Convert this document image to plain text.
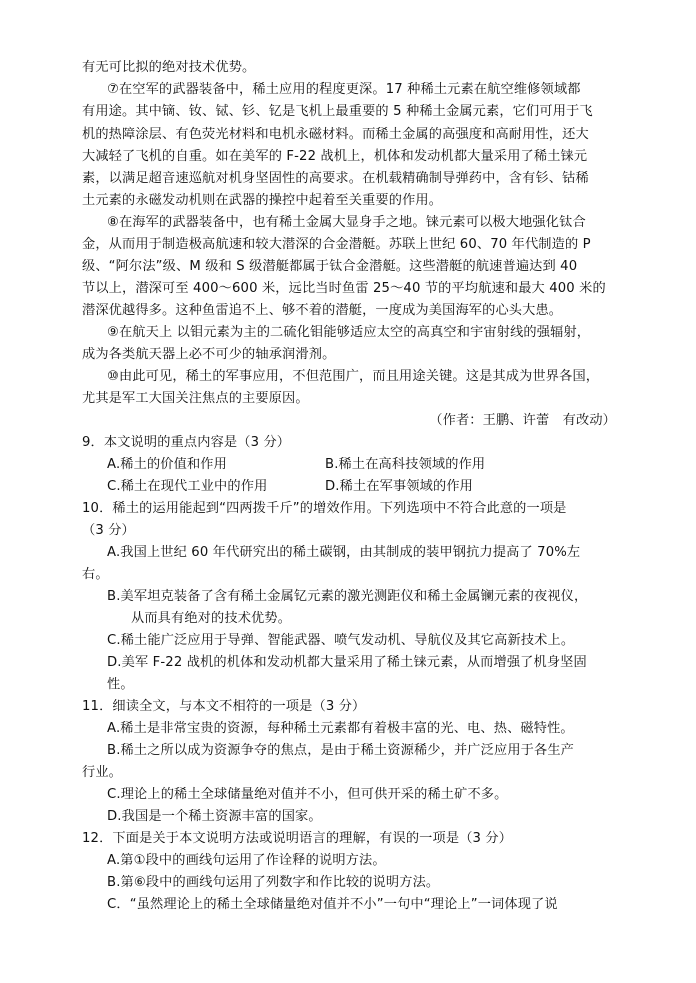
有无可比拟的绝对技术优势。
⑦在空军的武器装备中，稀土应用的程度更深。17 种稀土元素在航空维修领域都
有用途。其中镝、钕、铽、钐、钇是飞机上最重要的 5 种稀土金属元素，它们可用于飞
机的热障涂层、有色荧光材料和电机永磁材料。而稀土金属的高强度和高耐用性，还大
大减轻了飞机的自重。如在美军的 F-22 战机上，机体和发动机都大量采用了稀土铼元
素，以满足超音速巡航对机身坚固性的高要求。在机载精确制导弹药中，含有钐、钴稀
土元素的永磁发动机则在武器的操控中起着至关重要的作用。
⑧在海军的武器装备中，也有稀土金属大显身手之地。铼元素可以极大地强化钛合
金，从而用于制造极高航速和较大潜深的合金潜艇。苏联上世纪 60、70 年代制造的 P
级、“阿尔法”级、M 级和 S 级潜艇都属于钛合金潜艇。这些潜艇的航速普遍达到 40
节以上，潜深可至 400～600 米，远比当时鱼雷 25～40 节的平均航速和最大 400 米的
潜深优越得多。这种鱼雷追不上、够不着的潜艇，一度成为美国海军的心头大患。
⑨在航天上 以钼元素为主的二硫化钼能够适应太空的高真空和宇宙射线的强辐射，
成为各类航天器上必不可少的轴承润滑剂。
⑩由此可见，稀土的军事应用，不但范围广，而且用途关键。这是其成为世界各国，
尤其是军工大国关注焦点的主要原因。
（作者：王鹏、许蕾　有改动）
9．本文说明的重点内容是（3 分）
A.稀土的价值和作用	B.稀土在高科技领域的作用
C.稀土在现代工业中的作用	D.稀土在军事领域的作用
10．稀土的运用能起到“四两拨千斤”的增效作用。下列选项中不符合此意的一项是
（3 分）
A.我国上世纪 60 年代研究出的稀土碳钢，由其制成的装甲钢抗力提高了 70%左
右。
B.美军坦克装备了含有稀土金属钇元素的激光测距仪和稀土金属镧元素的夜视仪，
从而具有绝对的技术优势。
C.稀土能广泛应用于导弹、智能武器、喷气发动机、导航仪及其它高新技术上。
D.美军 F-22 战机的机体和发动机都大量采用了稀土铼元素，从而增强了机身坚固
性。
11．细读全文，与本文不相符的一项是（3 分）
A.稀土是非常宝贵的资源，每种稀土元素都有着极丰富的光、电、热、磁特性。
B.稀土之所以成为资源争夺的焦点，是由于稀土资源稀少，并广泛应用于各生产
行业。
C.理论上的稀土全球储量绝对值并不小，但可供开采的稀土矿不多。
D.我国是一个稀土资源丰富的国家。
12．下面是关于本文说明方法或说明语言的理解，有误的一项是（3 分）
A.第①段中的画线句运用了作诠释的说明方法。
B.第⑥段中的画线句运用了列数字和作比较的说明方法。
C．“虽然理论上的稀土全球储量绝对值并不小”一句中“理论上”一词体现了说
